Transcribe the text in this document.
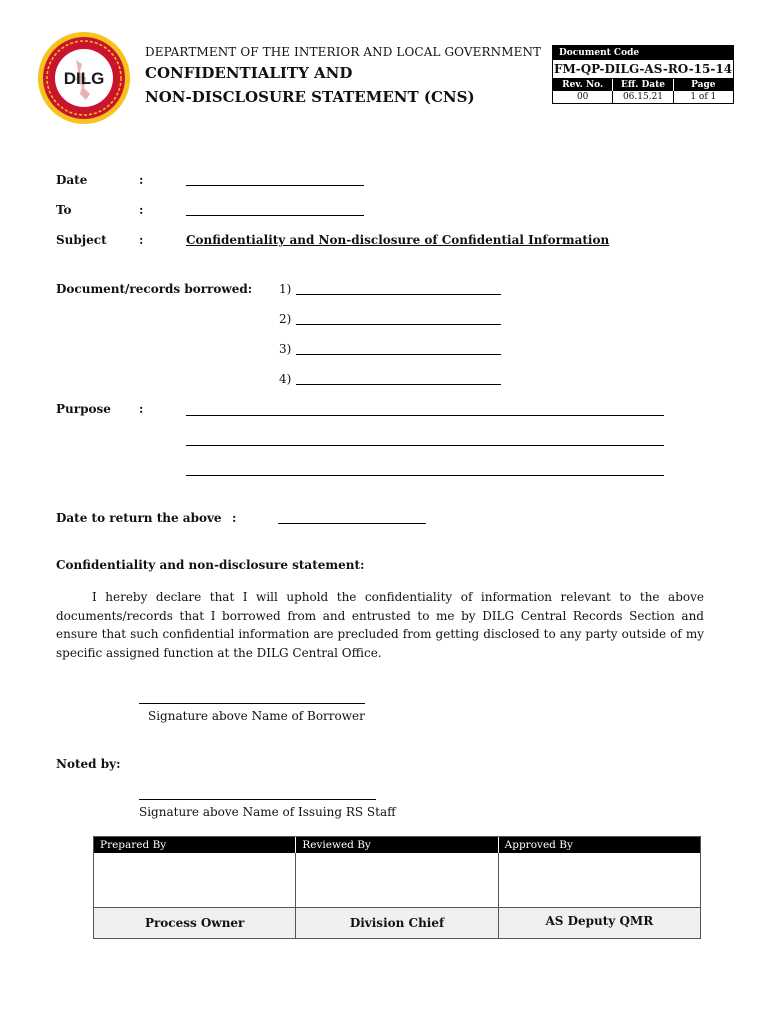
DILG
DEPARTMENT OF THE INTERIOR AND LOCAL GOVERNMENT
CONFIDENTIALITY AND
NON-DISCLOSURE STATEMENT (CNS)
Document Code
FM-QP-DILG-AS-RO-15-14
Rev. No.	Eff. Date	Page
00	06.15.21	1 of 1
Date	:
To	:
Subject	:	Confidentiality and Non-disclosure of Confidential Information
Document/records borrowed: 1)
2)
3)
4)
Purpose :
Date to return the above :
Confidentiality and non-disclosure statement:
I hereby declare that I will uphold the confidentiality of information relevant to the above documents/records that I borrowed from and entrusted to me by DILG Central Records Section and ensure that such confidential information are precluded from getting disclosed to any party outside of my specific assigned function at the DILG Central Office.
Signature above Name of Borrower
Noted by:
Signature above Name of Issuing RS Staff
Prepared By	Reviewed By	Approved By
Process Owner	Division Chief	AS Deputy QMR
